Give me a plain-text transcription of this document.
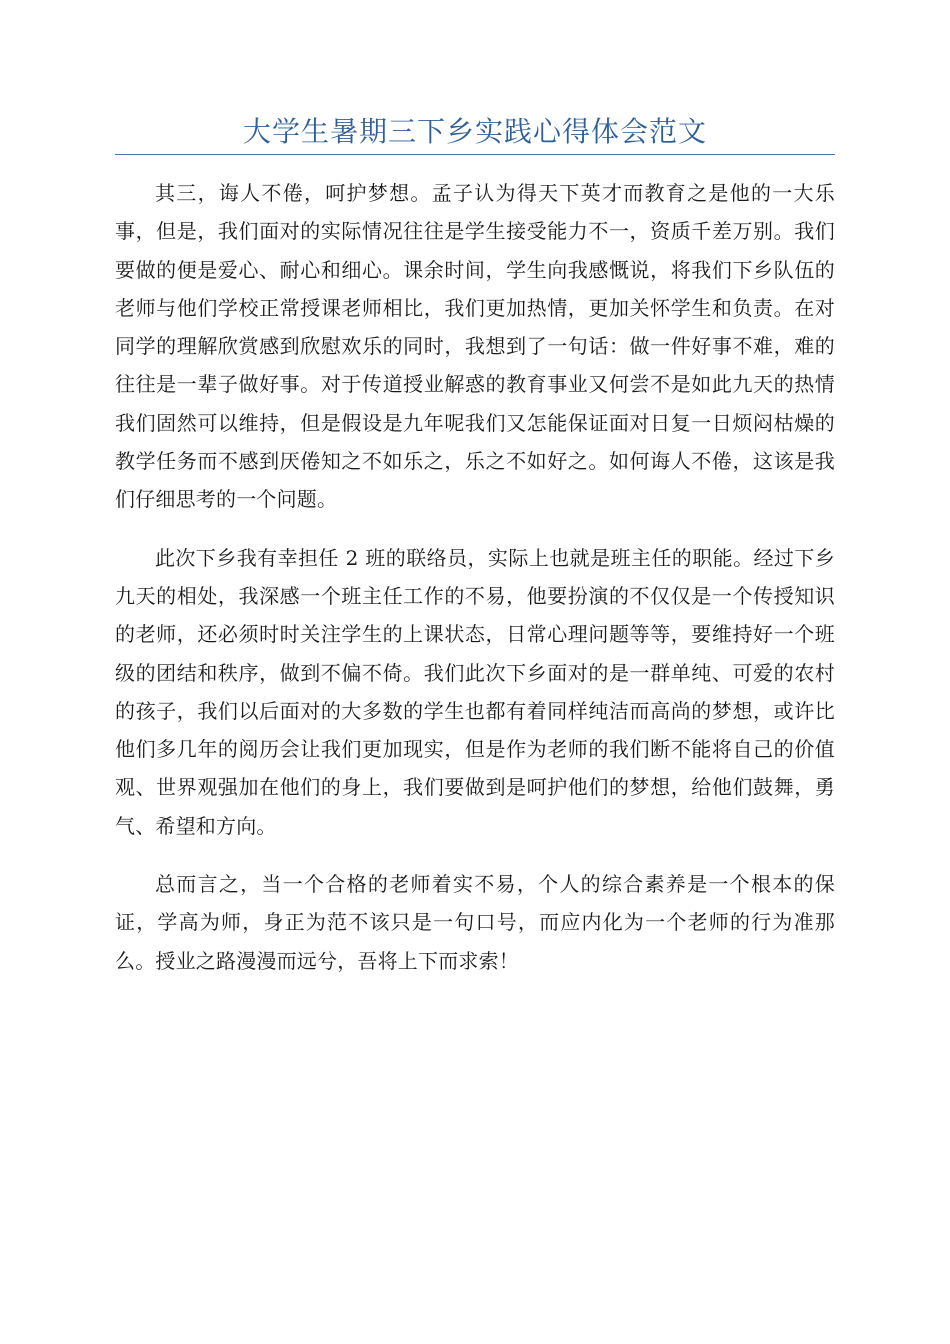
大学生暑期三下乡实践心得体会范文

其三，诲人不倦，呵护梦想。孟子认为得天下英才而教育之是他的一大乐事，但是，我们面对的实际情况往往是学生接受能力不一，资质千差万别。我们要做的便是爱心、耐心和细心。课余时间，学生向我感慨说，将我们下乡队伍的老师与他们学校正常授课老师相比，我们更加热情，更加关怀学生和负责。在对同学的理解欣赏感到欣慰欢乐的同时，我想到了一句话：做一件好事不难，难的往往是一辈子做好事。对于传道授业解惑的教育事业又何尝不是如此九天的热情我们固然可以维持，但是假设是九年呢我们又怎能保证面对日复一日烦闷枯燥的教学任务而不感到厌倦知之不如乐之，乐之不如好之。如何诲人不倦，这该是我们仔细思考的一个问题。

此次下乡我有幸担任 2 班的联络员，实际上也就是班主任的职能。经过下乡九天的相处，我深感一个班主任工作的不易，他要扮演的不仅仅是一个传授知识的老师，还必须时时关注学生的上课状态，日常心理问题等等，要维持好一个班级的团结和秩序，做到不偏不倚。我们此次下乡面对的是一群单纯、可爱的农村的孩子，我们以后面对的大多数的学生也都有着同样纯洁而高尚的梦想，或许比他们多几年的阅历会让我们更加现实，但是作为老师的我们断不能将自己的价值观、世界观强加在他们的身上，我们要做到是呵护他们的梦想，给他们鼓舞，勇气、希望和方向。

总而言之，当一个合格的老师着实不易，个人的综合素养是一个根本的保证，学高为师，身正为范不该只是一句口号，而应内化为一个老师的行为准那么。授业之路漫漫而远兮，吾将上下而求索！
